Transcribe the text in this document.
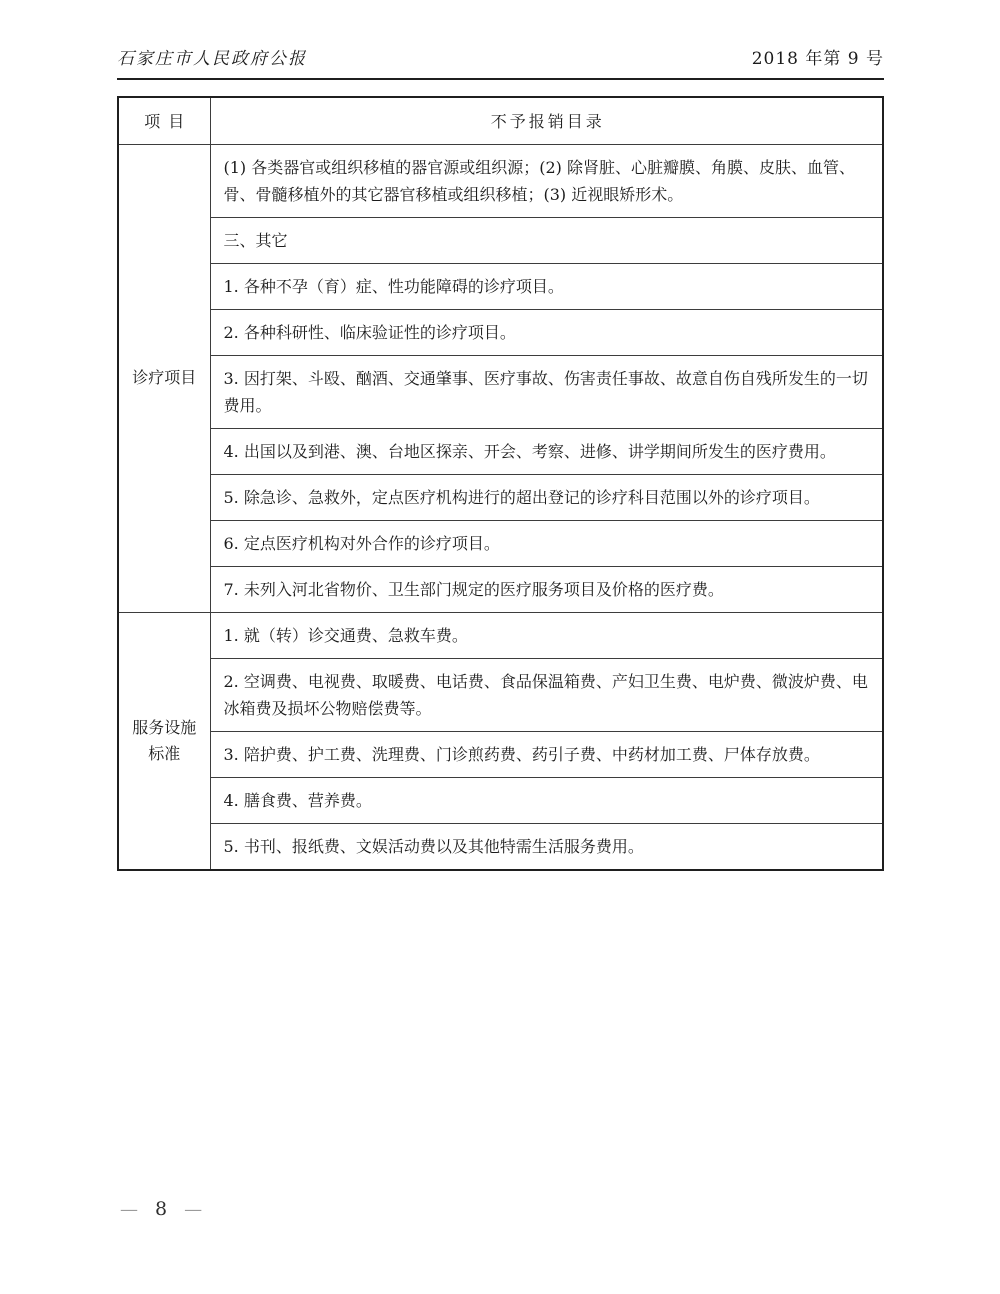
石家庄市人民政府公报	2018 年第 9 号
项目	不予报销目录
诊疗项目	(1) 各类器官或组织移植的器官源或组织源；(2) 除肾脏、心脏瓣膜、角膜、皮肤、血管、骨、骨髓移植外的其它器官移植或组织移植；(3) 近视眼矫形术。
	三、其它
	1. 各种不孕（育）症、性功能障碍的诊疗项目。
	2. 各种科研性、临床验证性的诊疗项目。
	3. 因打架、斗殴、酗酒、交通肇事、医疗事故、伤害责任事故、故意自伤自残所发生的一切费用。
	4. 出国以及到港、澳、台地区探亲、开会、考察、进修、讲学期间所发生的医疗费用。
	5. 除急诊、急救外，定点医疗机构进行的超出登记的诊疗科目范围以外的诊疗项目。
	6. 定点医疗机构对外合作的诊疗项目。
	7. 未列入河北省物价、卫生部门规定的医疗服务项目及价格的医疗费。
服务设施标准	1. 就（转）诊交通费、急救车费。
	2. 空调费、电视费、取暖费、电话费、食品保温箱费、产妇卫生费、电炉费、微波炉费、电冰箱费及损坏公物赔偿费等。
	3. 陪护费、护工费、洗理费、门诊煎药费、药引子费、中药材加工费、尸体存放费。
	4. 膳食费、营养费。
	5. 书刊、报纸费、文娱活动费以及其他特需生活服务费用。
— 8 —
